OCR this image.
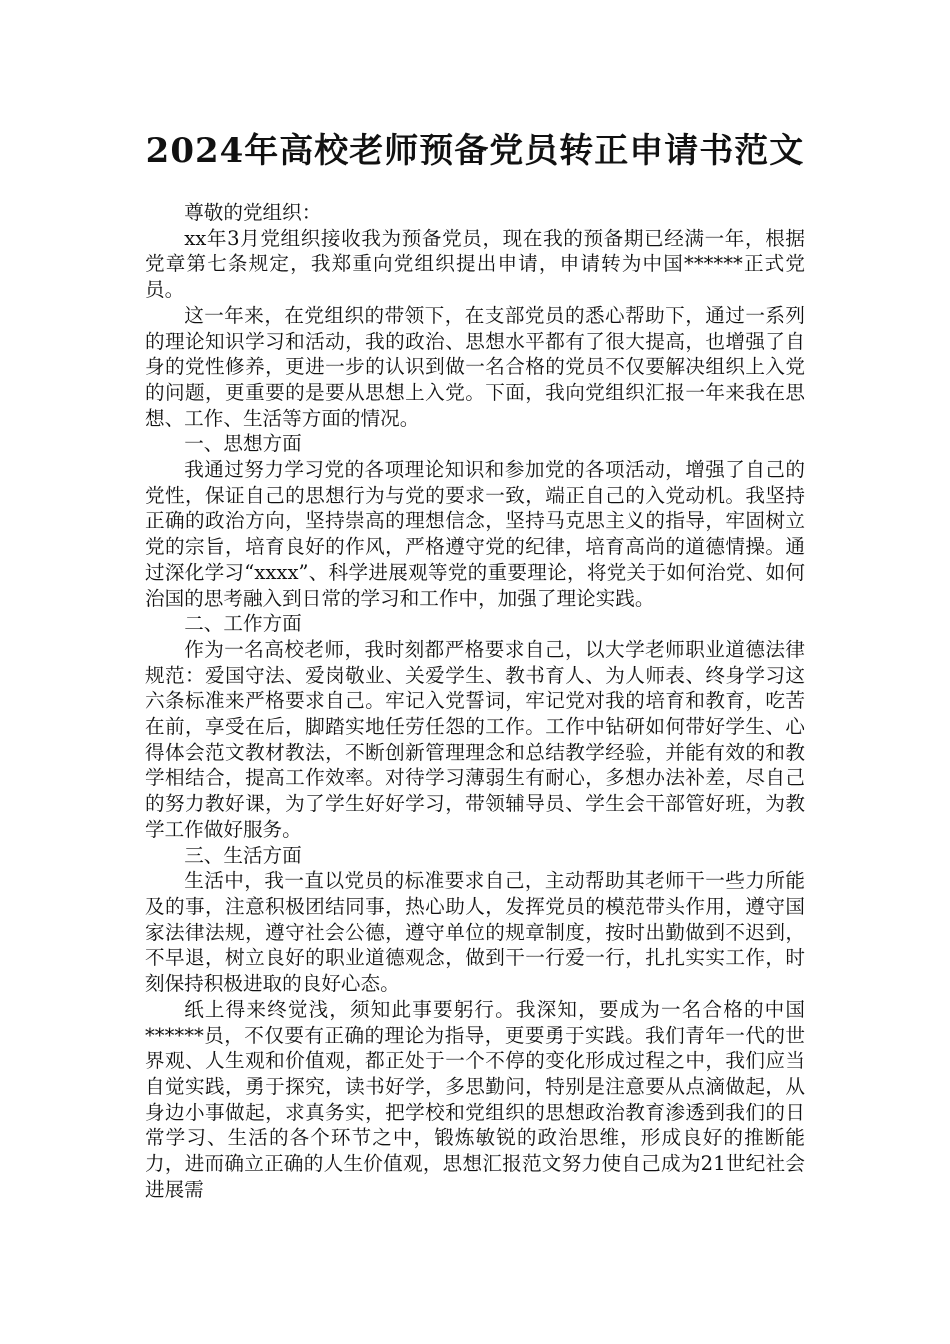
2024年高校老师预备党员转正申请书范文

尊敬的党组织：

xx年3月党组织接收我为预备党员，现在我的预备期已经满一年，根据党章第七条规定，我郑重向党组织提出申请，申请转为中国******正式党员。

这一年来，在党组织的带领下，在支部党员的悉心帮助下，通过一系列的理论知识学习和活动，我的政治、思想水平都有了很大提高，也增强了自身的党性修养，更进一步的认识到做一名合格的党员不仅要解决组织上入党的问题，更重要的是要从思想上入党。下面，我向党组织汇报一年来我在思想、工作、生活等方面的情况。

一、思想方面

我通过努力学习党的各项理论知识和参加党的各项活动，增强了自己的党性，保证自己的思想行为与党的要求一致，端正自己的入党动机。我坚持正确的政治方向，坚持崇高的理想信念，坚持马克思主义的指导，牢固树立党的宗旨，培育良好的作风，严格遵守党的纪律，培育高尚的道德情操。通过深化学习“xxxx”、科学进展观等党的重要理论，将党关于如何治党、如何治国的思考融入到日常的学习和工作中，加强了理论实践。

二、工作方面

作为一名高校老师，我时刻都严格要求自己，以大学老师职业道德法律规范：爱国守法、爱岗敬业、关爱学生、教书育人、为人师表、终身学习这六条标准来严格要求自己。牢记入党誓词，牢记党对我的培育和教育，吃苦在前，享受在后，脚踏实地任劳任怨的工作。工作中钻研如何带好学生、心得体会范文教材教法，不断创新管理理念和总结教学经验，并能有效的和教学相结合，提高工作效率。对待学习薄弱生有耐心，多想办法补差，尽自己的努力教好课，为了学生好好学习，带领辅导员、学生会干部管好班，为教学工作做好服务。

三、生活方面

生活中，我一直以党员的标准要求自己，主动帮助其老师干一些力所能及的事，注意积极团结同事，热心助人，发挥党员的模范带头作用，遵守国家法律法规，遵守社会公德，遵守单位的规章制度，按时出勤做到不迟到，不早退，树立良好的职业道德观念，做到干一行爱一行，扎扎实实工作，时刻保持积极进取的良好心态。

纸上得来终觉浅，须知此事要躬行。我深知，要成为一名合格的中国******员，不仅要有正确的理论为指导，更要勇于实践。我们青年一代的世界观、人生观和价值观，都正处于一个不停的变化形成过程之中，我们应当自觉实践，勇于探究，读书好学，多思勤问，特别是注意要从点滴做起，从身边小事做起，求真务实，把学校和党组织的思想政治教育渗透到我们的日常学习、生活的各个环节之中，锻炼敏锐的政治思维，形成良好的推断能力，进而确立正确的人生价值观，思想汇报范文努力使自己成为21世纪社会进展需
